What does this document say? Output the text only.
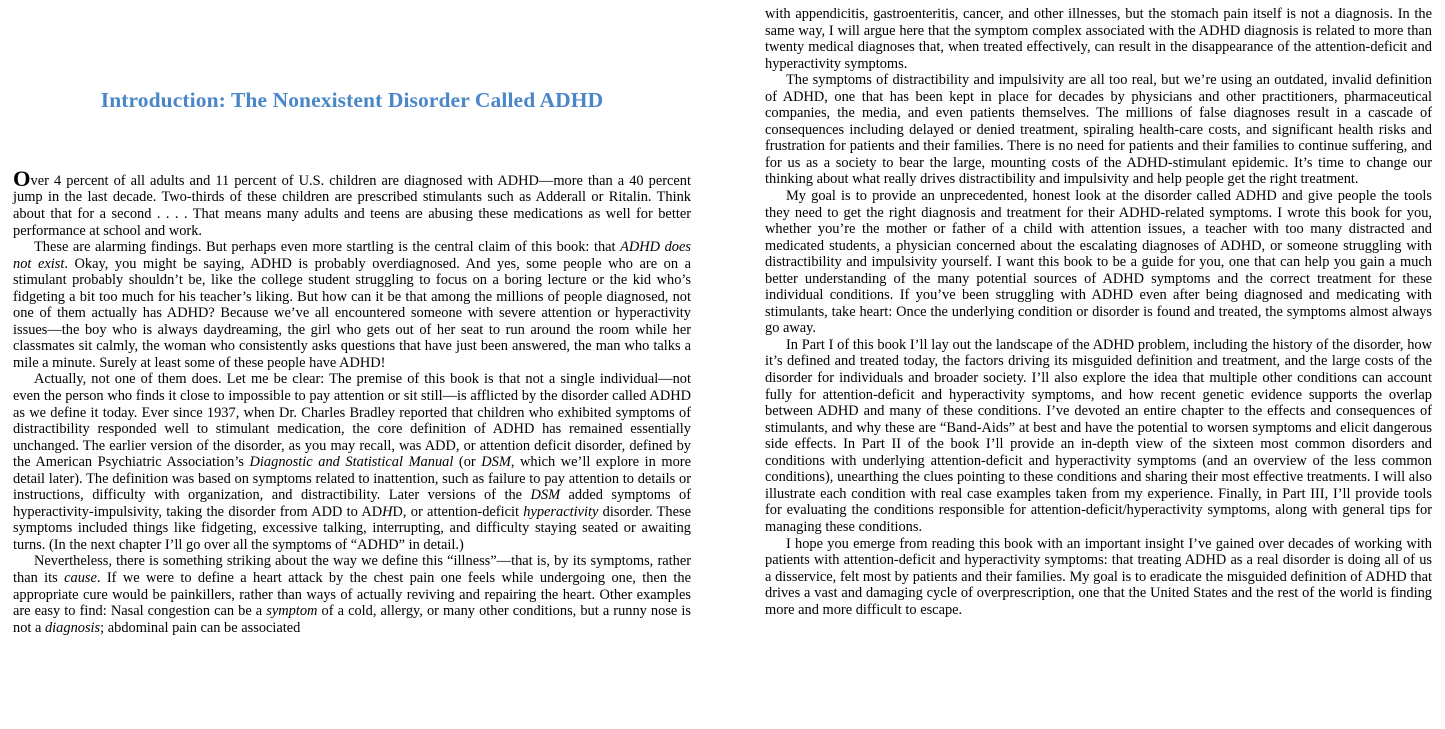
Introduction: The Nonexistent Disorder Called ADHD

Over 4 percent of all adults and 11 percent of U.S. children are diagnosed with ADHD—more than a 40 percent jump in the last decade. Two-thirds of these children are prescribed stimulants such as Adderall or Ritalin. Think about that for a second . . . . That means many adults and teens are abusing these medications as well for better performance at school and work.

These are alarming findings. But perhaps even more startling is the central claim of this book: that ADHD does not exist. Okay, you might be saying, ADHD is probably overdiagnosed. And yes, some people who are on a stimulant probably shouldn’t be, like the college student struggling to focus on a boring lecture or the kid who’s fidgeting a bit too much for his teacher’s liking. But how can it be that among the millions of people diagnosed, not one of them actually has ADHD? Because we’ve all encountered someone with severe attention or hyperactivity issues—the boy who is always daydreaming, the girl who gets out of her seat to run around the room while her classmates sit calmly, the woman who consistently asks questions that have just been answered, the man who talks a mile a minute. Surely at least some of these people have ADHD!

Actually, not one of them does. Let me be clear: The premise of this book is that not a single individual—not even the person who finds it close to impossible to pay attention or sit still—is afflicted by the disorder called ADHD as we define it today. Ever since 1937, when Dr. Charles Bradley reported that children who exhibited symptoms of distractibility responded well to stimulant medication, the core definition of ADHD has remained essentially unchanged. The earlier version of the disorder, as you may recall, was ADD, or attention deficit disorder, defined by the American Psychiatric Association’s Diagnostic and Statistical Manual (or DSM, which we’ll explore in more detail later). The definition was based on symptoms related to inattention, such as failure to pay attention to details or instructions, difficulty with organization, and distractibility. Later versions of the DSM added symptoms of hyperactivity-impulsivity, taking the disorder from ADD to ADHD, or attention-deficit hyperactivity disorder. These symptoms included things like fidgeting, excessive talking, interrupting, and difficulty staying seated or awaiting turns. (In the next chapter I’ll go over all the symptoms of “ADHD” in detail.)

Nevertheless, there is something striking about the way we define this “illness”—that is, by its symptoms, rather than its cause. If we were to define a heart attack by the chest pain one feels while undergoing one, then the appropriate cure would be painkillers, rather than ways of actually reviving and repairing the heart. Other examples are easy to find: Nasal congestion can be a symptom of a cold, allergy, or many other conditions, but a runny nose is not a diagnosis; abdominal pain can be associated

with appendicitis, gastroenteritis, cancer, and other illnesses, but the stomach pain itself is not a diagnosis. In the same way, I will argue here that the symptom complex associated with the ADHD diagnosis is related to more than twenty medical diagnoses that, when treated effectively, can result in the disappearance of the attention-deficit and hyperactivity symptoms.

The symptoms of distractibility and impulsivity are all too real, but we’re using an outdated, invalid definition of ADHD, one that has been kept in place for decades by physicians and other practitioners, pharmaceutical companies, the media, and even patients themselves. The millions of false diagnoses result in a cascade of consequences including delayed or denied treatment, spiraling health-care costs, and significant health risks and frustration for patients and their families. There is no need for patients and their families to continue suffering, and for us as a society to bear the large, mounting costs of the ADHD-stimulant epidemic. It’s time to change our thinking about what really drives distractibility and impulsivity and help people get the right treatment.

My goal is to provide an unprecedented, honest look at the disorder called ADHD and give people the tools they need to get the right diagnosis and treatment for their ADHD-related symptoms. I wrote this book for you, whether you’re the mother or father of a child with attention issues, a teacher with too many distracted and medicated students, a physician concerned about the escalating diagnoses of ADHD, or someone struggling with distractibility and impulsivity yourself. I want this book to be a guide for you, one that can help you gain a much better understanding of the many potential sources of ADHD symptoms and the correct treatment for these individual conditions. If you’ve been struggling with ADHD even after being diagnosed and medicating with stimulants, take heart: Once the underlying condition or disorder is found and treated, the symptoms almost always go away.

In Part I of this book I’ll lay out the landscape of the ADHD problem, including the history of the disorder, how it’s defined and treated today, the factors driving its misguided definition and treatment, and the large costs of the disorder for individuals and broader society. I’ll also explore the idea that multiple other conditions can account fully for attention-deficit and hyperactivity symptoms, and how recent genetic evidence supports the overlap between ADHD and many of these conditions. I’ve devoted an entire chapter to the effects and consequences of stimulants, and why these are “Band-Aids” at best and have the potential to worsen symptoms and elicit dangerous side effects. In Part II of the book I’ll provide an in-depth view of the sixteen most common disorders and conditions with underlying attention-deficit and hyperactivity symptoms (and an overview of the less common conditions), unearthing the clues pointing to these conditions and sharing their most effective treatments. I will also illustrate each condition with real case examples taken from my experience. Finally, in Part III, I’ll provide tools for evaluating the conditions responsible for attention-deficit/hyperactivity symptoms, along with general tips for managing these conditions.

I hope you emerge from reading this book with an important insight I’ve gained over decades of working with patients with attention-deficit and hyperactivity symptoms: that treating ADHD as a real disorder is doing all of us a disservice, felt most by patients and their families. My goal is to eradicate the misguided definition of ADHD that drives a vast and damaging cycle of overprescription, one that the United States and the rest of the world is finding more and more difficult to escape.
